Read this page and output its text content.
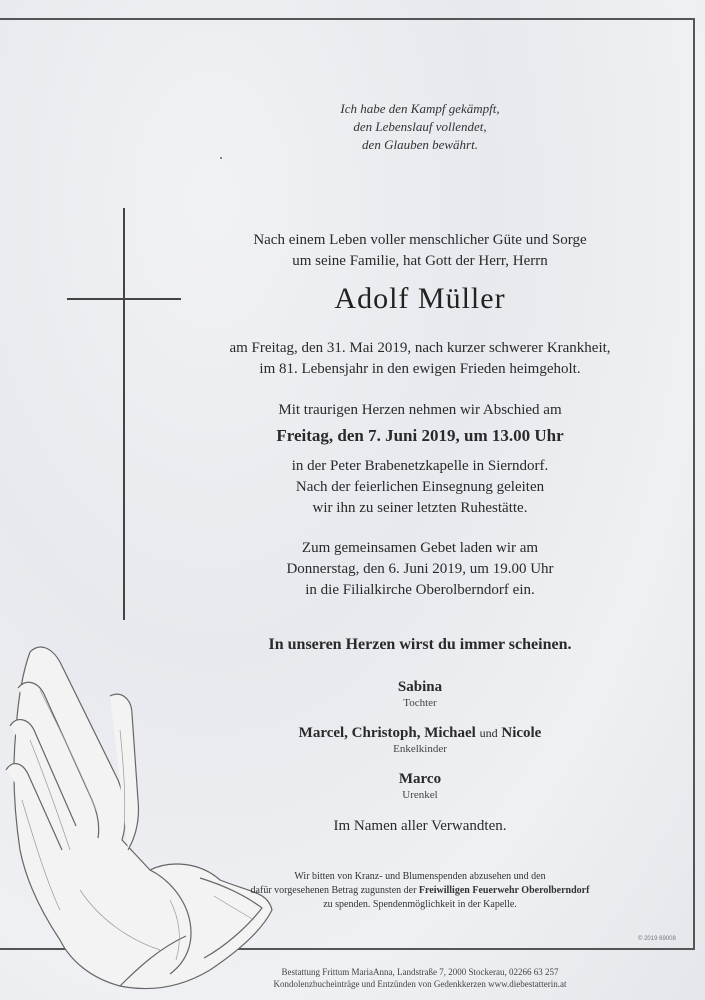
Ich habe den Kampf gekämpft,
den Lebenslauf vollendet,
den Glauben bewährt.
Nach einem Leben voller menschlicher Güte und Sorge
um seine Familie, hat Gott der Herr, Herrn
Adolf Müller
am Freitag, den 31. Mai 2019, nach kurzer schwerer Krankheit,
im 81. Lebensjahr in den ewigen Frieden heimgeholt.
Mit traurigen Herzen nehmen wir Abschied am
Freitag, den 7. Juni 2019, um 13.00 Uhr
in der Peter Brabenetzkapelle in Sierndorf.
Nach der feierlichen Einsegnung geleiten
wir ihn zu seiner letzten Ruhestätte.
Zum gemeinsamen Gebet laden wir am
Donnerstag, den 6. Juni 2019, um 19.00 Uhr
in die Filialkirche Oberolberndorf ein.
In unseren Herzen wirst du immer scheinen.
Sabina
Tochter
Marcel, Christoph, Michael und Nicole
Enkelkinder
Marco
Urenkel
Im Namen aller Verwandten.
Wir bitten von Kranz- und Blumenspenden abzusehen und den
dafür vorgesehenen Betrag zugunsten der Freiwilligen Feuerwehr Oberolberndorf
zu spenden. Spendenmöglichkeit in der Kapelle.
© 2019 69008
Bestattung Frittum MariaAnna, Landstraße 7, 2000 Stockerau, 02266 63 257
Kondolenzbucheinträge und Entzünden von Gedenkkerzen www.diebestatterin.at
